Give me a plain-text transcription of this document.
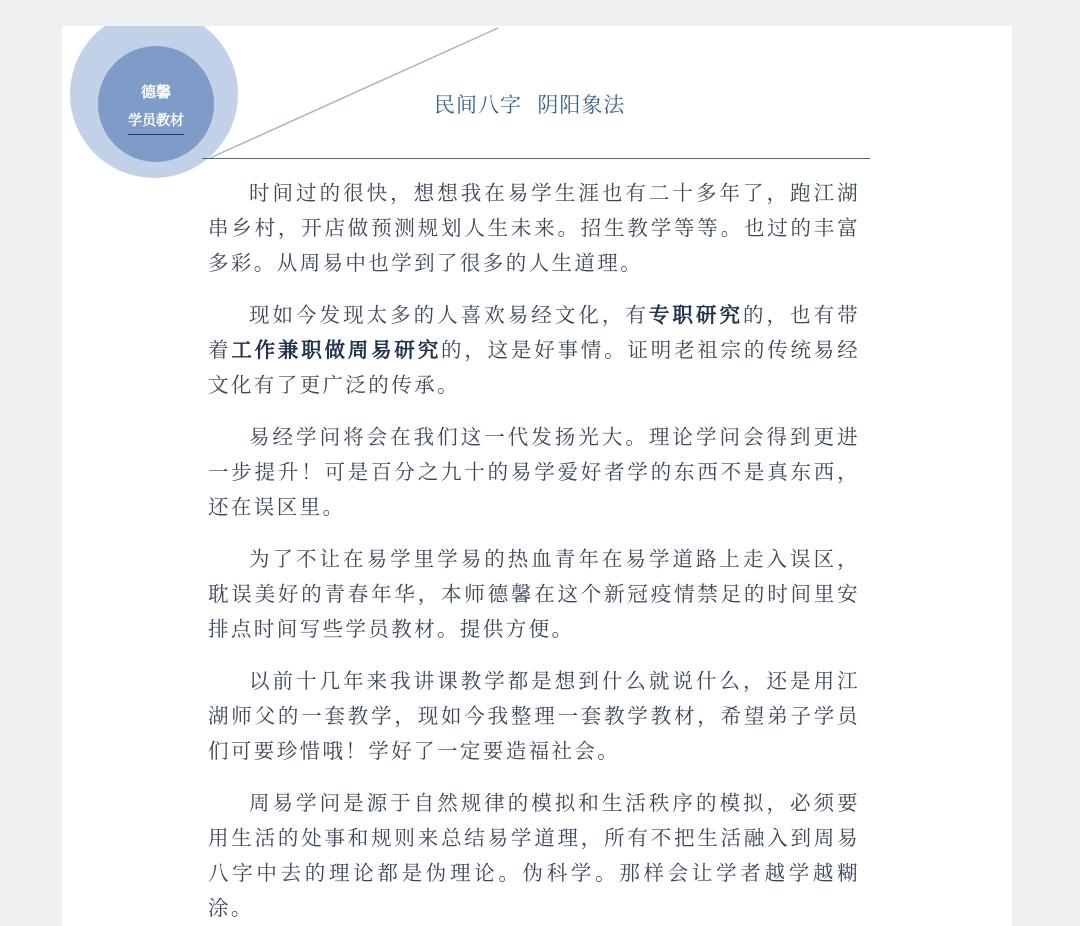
德馨
学员教材
民间八字  阴阳象法

时间过的很快，想想我在易学生涯也有二十多年了，跑江湖串乡村，开店做预测规划人生未来。招生教学等等。也过的丰富多彩。从周易中也学到了很多的人生道理。

现如今发现太多的人喜欢易经文化，有专职研究的，也有带着工作兼职做周易研究的，这是好事情。证明老祖宗的传统易经文化有了更广泛的传承。

易经学问将会在我们这一代发扬光大。理论学问会得到更进一步提升！可是百分之九十的易学爱好者学的东西不是真东西，还在误区里。

为了不让在易学里学易的热血青年在易学道路上走入误区，耽误美好的青春年华，本师德馨在这个新冠疫情禁足的时间里安排点时间写些学员教材。提供方便。

以前十几年来我讲课教学都是想到什么就说什么，还是用江湖师父的一套教学，现如今我整理一套教学教材，希望弟子学员们可要珍惜哦！学好了一定要造福社会。

周易学问是源于自然规律的模拟和生活秩序的模拟，必须要用生活的处事和规则来总结易学道理，所有不把生活融入到周易八字中去的理论都是伪理论。伪科学。那样会让学者越学越糊涂。
